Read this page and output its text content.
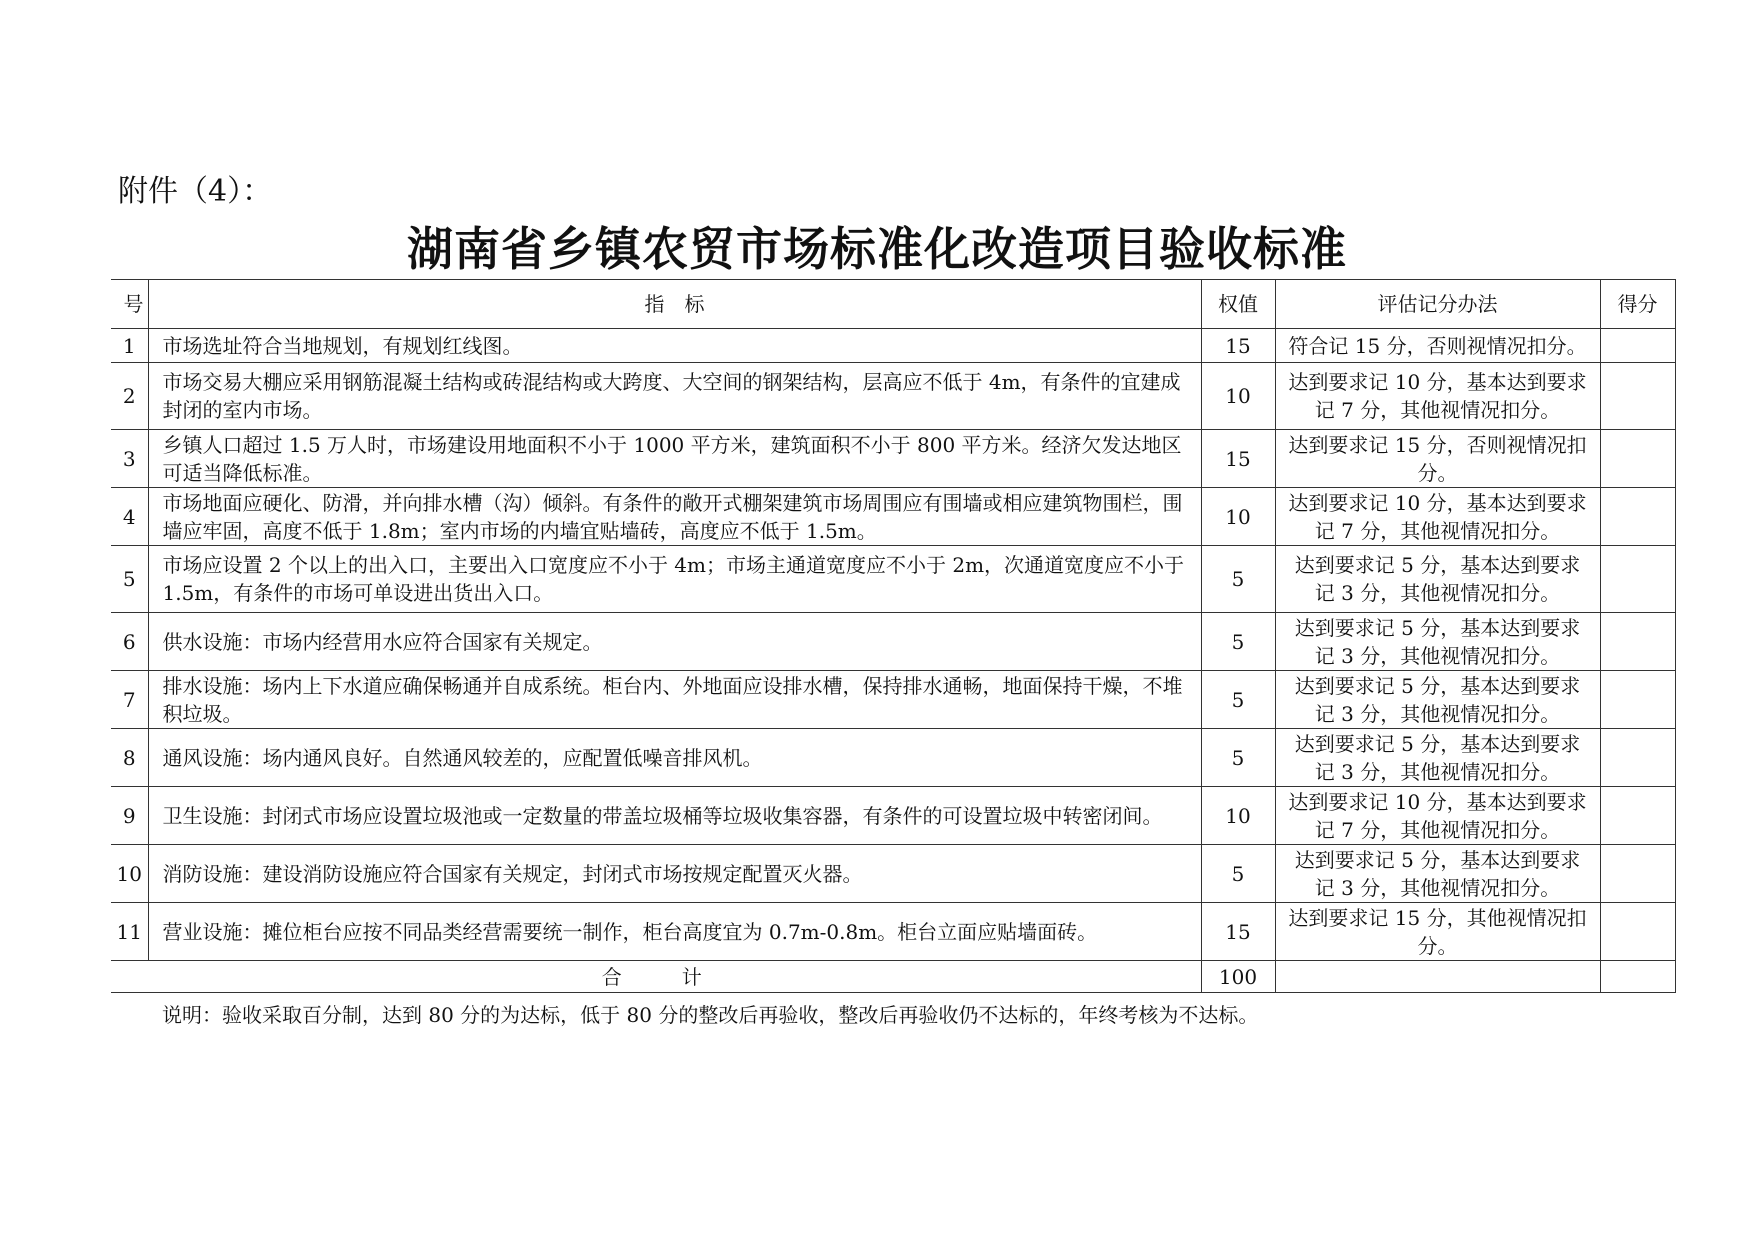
附件（4）：
湖南省乡镇农贸市场标准化改造项目验收标准
号	指　标	权值	评估记分办法	得分
1	市场选址符合当地规划，有规划红线图。	15	符合记 15 分，否则视情况扣分。	
2	市场交易大棚应采用钢筋混凝土结构或砖混结构或大跨度、大空间的钢架结构，层高应不低于 4m，有条件的宜建成封闭的室内市场。	10	达到要求记 10 分，基本达到要求记 7 分，其他视情况扣分。	
3	乡镇人口超过 1.5 万人时，市场建设用地面积不小于 1000 平方米，建筑面积不小于 800 平方米。经济欠发达地区可适当降低标准。	15	达到要求记 15 分，否则视情况扣分。	
4	市场地面应硬化、防滑，并向排水槽（沟）倾斜。有条件的敞开式棚架建筑市场周围应有围墙或相应建筑物围栏，围墙应牢固，高度不低于 1.8m；室内市场的内墙宜贴墙砖，高度应不低于 1.5m。	10	达到要求记 10 分，基本达到要求记 7 分，其他视情况扣分。	
5	市场应设置 2 个以上的出入口，主要出入口宽度应不小于 4m；市场主通道宽度应不小于 2m，次通道宽度应不小于 1.5m，有条件的市场可单设进出货出入口。	5	达到要求记 5 分，基本达到要求记 3 分，其他视情况扣分。	
6	供水设施：市场内经营用水应符合国家有关规定。	5	达到要求记 5 分，基本达到要求记 3 分，其他视情况扣分。	
7	排水设施：场内上下水道应确保畅通并自成系统。柜台内、外地面应设排水槽，保持排水通畅，地面保持干燥，不堆积垃圾。	5	达到要求记 5 分，基本达到要求记 3 分，其他视情况扣分。	
8	通风设施：场内通风良好。自然通风较差的，应配置低噪音排风机。	5	达到要求记 5 分，基本达到要求记 3 分，其他视情况扣分。	
9	卫生设施：封闭式市场应设置垃圾池或一定数量的带盖垃圾桶等垃圾收集容器，有条件的可设置垃圾中转密闭间。	10	达到要求记 10 分，基本达到要求记 7 分，其他视情况扣分。	
10	消防设施：建设消防设施应符合国家有关规定，封闭式市场按规定配置灭火器。	5	达到要求记 5 分，基本达到要求记 3 分，其他视情况扣分。	
11	营业设施：摊位柜台应按不同品类经营需要统一制作，柜台高度宜为 0.7m-0.8m。柜台立面应贴墙面砖。	15	达到要求记 15 分，其他视情况扣分。	
合计		100		

说明：验收采取百分制，达到 80 分的为达标，低于 80 分的整改后再验收，整改后再验收仍不达标的，年终考核为不达标。
